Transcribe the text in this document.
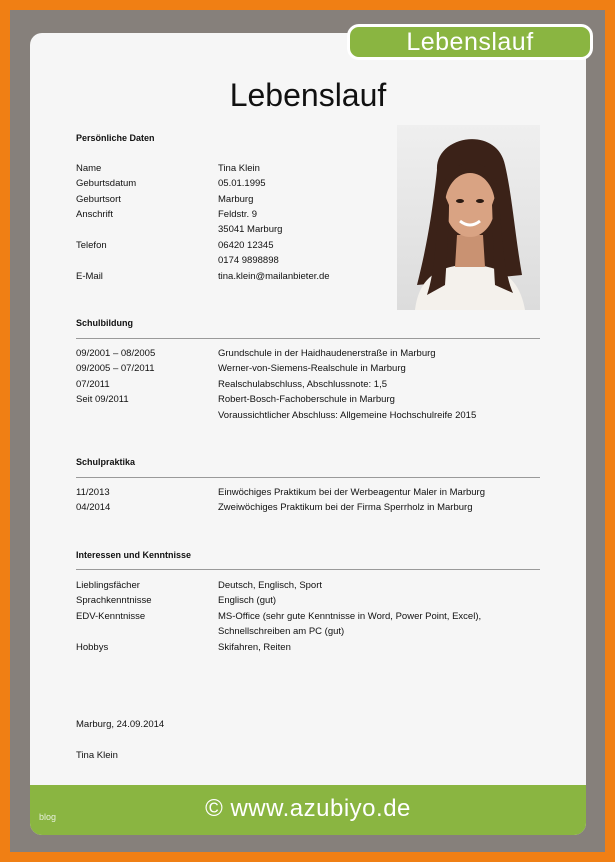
Lebenslauf
Persönliche Daten
Name	Tina Klein
Geburtsdatum	05.01.1995
Geburtsort	Marburg
Anschrift	Feldstr. 9
35041 Marburg
Telefon	06420 12345
0174 9898898
E-Mail	tina.klein@mailanbieter.de
Schulbildung
09/2001 – 08/2005	Grundschule in der Haidhaudenerstraße in Marburg
09/2005 – 07/2011	Werner-von-Siemens-Realschule in Marburg
07/2011	Realschulabschluss, Abschlussnote: 1,5
Seit 09/2011	Robert-Bosch-Fachoberschule in Marburg
Voraussichtlicher Abschluss: Allgemeine Hochschulreife 2015
Schulpraktika
11/2013	Einwöchiges Praktikum bei der Werbeagentur Maler in Marburg
04/2014	Zweiwöchiges Praktikum bei der Firma Sperrholz in Marburg
Interessen und Kenntnisse
Lieblingsfächer	Deutsch, Englisch, Sport
Sprachkenntnisse	Englisch (gut)
EDV-Kenntnisse	MS-Office (sehr gute Kenntnisse in Word, Power Point, Excel),
Schnellschreiben am PC (gut)
Hobbys	Skifahren, Reiten
Marburg, 24.09.2014
Tina Klein
blog	© www.azubiyo.de
Lebenslauf
